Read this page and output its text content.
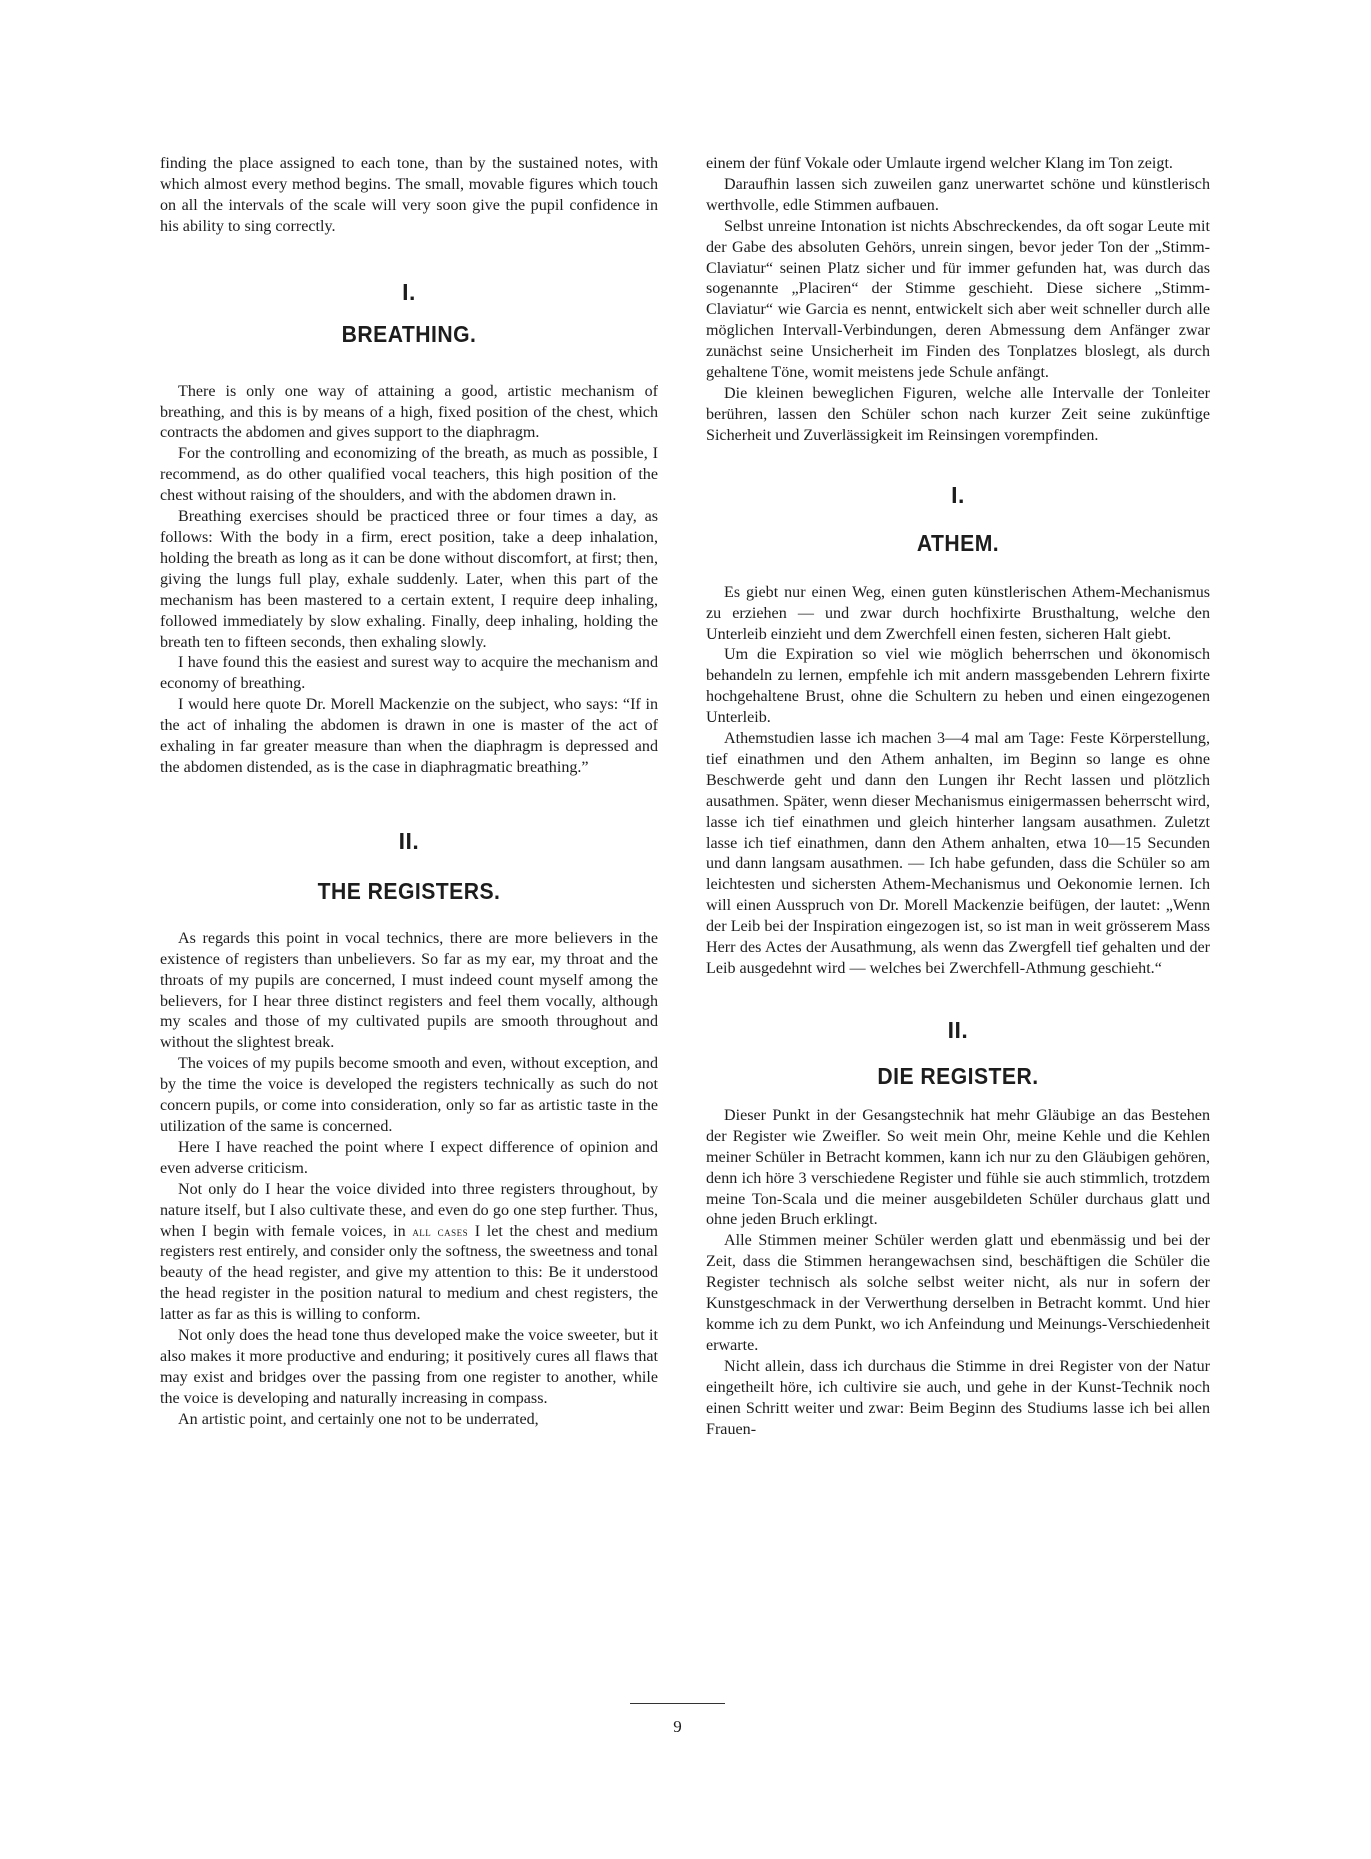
finding the place assigned to each tone, than by the sustained notes, with which almost every method begins. The small, movable figures which touch on all the intervals of the scale will very soon give the pupil confidence in his ability to sing correctly.

I.
BREATHING.

There is only one way of attaining a good, artistic mechanism of breathing, and this is by means of a high, fixed position of the chest, which contracts the abdomen and gives support to the diaphragm.

For the controlling and economizing of the breath, as much as possible, I recommend, as do other qualified vocal teachers, this high position of the chest without raising of the shoulders, and with the abdomen drawn in.

Breathing exercises should be practiced three or four times a day, as follows: With the body in a firm, erect position, take a deep inhalation, holding the breath as long as it can be done without discomfort, at first; then, giving the lungs full play, exhale suddenly. Later, when this part of the mechanism has been mastered to a certain extent, I require deep inhaling, followed immediately by slow exhaling. Finally, deep inhaling, holding the breath ten to fifteen seconds, then exhaling slowly.

I have found this the easiest and surest way to acquire the mechanism and economy of breathing.

I would here quote Dr. Morell Mackenzie on the subject, who says: “If in the act of inhaling the abdomen is drawn in one is master of the act of exhaling in far greater measure than when the diaphragm is depressed and the abdomen distended, as is the case in diaphragmatic breathing.”

II.
THE REGISTERS.

As regards this point in vocal technics, there are more believers in the existence of registers than unbelievers. So far as my ear, my throat and the throats of my pupils are concerned, I must indeed count myself among the believers, for I hear three distinct registers and feel them vocally, although my scales and those of my cultivated pupils are smooth throughout and without the slightest break.

The voices of my pupils become smooth and even, without exception, and by the time the voice is developed the registers technically as such do not concern pupils, or come into consideration, only so far as artistic taste in the utilization of the same is concerned.

Here I have reached the point where I expect difference of opinion and even adverse criticism.

Not only do I hear the voice divided into three registers throughout, by nature itself, but I also cultivate these, and even do go one step further. Thus, when I begin with female voices, in all cases I let the chest and medium registers rest entirely, and consider only the softness, the sweetness and tonal beauty of the head register, and give my attention to this: Be it understood the head register in the position natural to medium and chest registers, the latter as far as this is willing to conform.

Not only does the head tone thus developed make the voice sweeter, but it also makes it more productive and enduring; it positively cures all flaws that may exist and bridges over the passing from one register to another, while the voice is developing and naturally increasing in compass.

An artistic point, and certainly one not to be underrated,

einem der fünf Vokale oder Umlaute irgend welcher Klang im Ton zeigt.

Daraufhin lassen sich zuweilen ganz unerwartet schöne und künstlerisch werthvolle, edle Stimmen aufbauen.

Selbst unreine Intonation ist nichts Abschreckendes, da oft sogar Leute mit der Gabe des absoluten Gehörs, unrein singen, bevor jeder Ton der „Stimm-Claviatur“ seinen Platz sicher und für immer gefunden hat, was durch das sogenannte „Placiren“ der Stimme geschieht. Diese sichere „Stimm-Claviatur“ wie Garcia es nennt, entwickelt sich aber weit schneller durch alle möglichen Intervall-Verbindungen, deren Abmessung dem Anfänger zwar zunächst seine Unsicherheit im Finden des Tonplatzes bloslegt, als durch gehaltene Töne, womit meistens jede Schule anfängt.

Die kleinen beweglichen Figuren, welche alle Intervalle der Tonleiter berühren, lassen den Schüler schon nach kurzer Zeit seine zukünftige Sicherheit und Zuverlässigkeit im Reinsingen vorempfinden.

I.
ATHEM.

Es giebt nur einen Weg, einen guten künstlerischen Athem-Mechanismus zu erziehen — und zwar durch hochfixirte Brusthaltung, welche den Unterleib einzieht und dem Zwerchfell einen festen, sicheren Halt giebt.

Um die Expiration so viel wie möglich beherrschen und ökonomisch behandeln zu lernen, empfehle ich mit andern massgebenden Lehrern fixirte hochgehaltene Brust, ohne die Schultern zu heben und einen eingezogenen Unterleib.

Athemstudien lasse ich machen 3—4 mal am Tage: Feste Körperstellung, tief einathmen und den Athem anhalten, im Beginn so lange es ohne Beschwerde geht und dann den Lungen ihr Recht lassen und plötzlich ausathmen. Später, wenn dieser Mechanismus einigermassen beherrscht wird, lasse ich tief einathmen und gleich hinterher langsam ausathmen. Zuletzt lasse ich tief einathmen, dann den Athem anhalten, etwa 10—15 Secunden und dann langsam ausathmen. — Ich habe gefunden, dass die Schüler so am leichtesten und sichersten Athem-Mechanismus und Oekonomie lernen. Ich will einen Ausspruch von Dr. Morell Mackenzie beifügen, der lautet: „Wenn der Leib bei der Inspiration eingezogen ist, so ist man in weit grösserem Mass Herr des Actes der Ausathmung, als wenn das Zwergfell tief gehalten und der Leib ausgedehnt wird — welches bei Zwerchfell-Athmung geschieht.“

II.
DIE REGISTER.

Dieser Punkt in der Gesangstechnik hat mehr Gläubige an das Bestehen der Register wie Zweifler. So weit mein Ohr, meine Kehle und die Kehlen meiner Schüler in Betracht kommen, kann ich nur zu den Gläubigen gehören, denn ich höre 3 verschiedene Register und fühle sie auch stimmlich, trotzdem meine Ton-Scala und die meiner ausgebildeten Schüler durchaus glatt und ohne jeden Bruch erklingt.

Alle Stimmen meiner Schüler werden glatt und ebenmässig und bei der Zeit, dass die Stimmen herangewachsen sind, beschäftigen die Schüler die Register technisch als solche selbst weiter nicht, als nur in sofern der Kunstgeschmack in der Verwerthung derselben in Betracht kommt. Und hier komme ich zu dem Punkt, wo ich Anfeindung und Meinungs-Verschiedenheit erwarte.

Nicht allein, dass ich durchaus die Stimme in drei Register von der Natur eingetheilt höre, ich cultivire sie auch, und gehe in der Kunst-Technik noch einen Schritt weiter und zwar: Beim Beginn des Studiums lasse ich bei allen Frauen-

9
